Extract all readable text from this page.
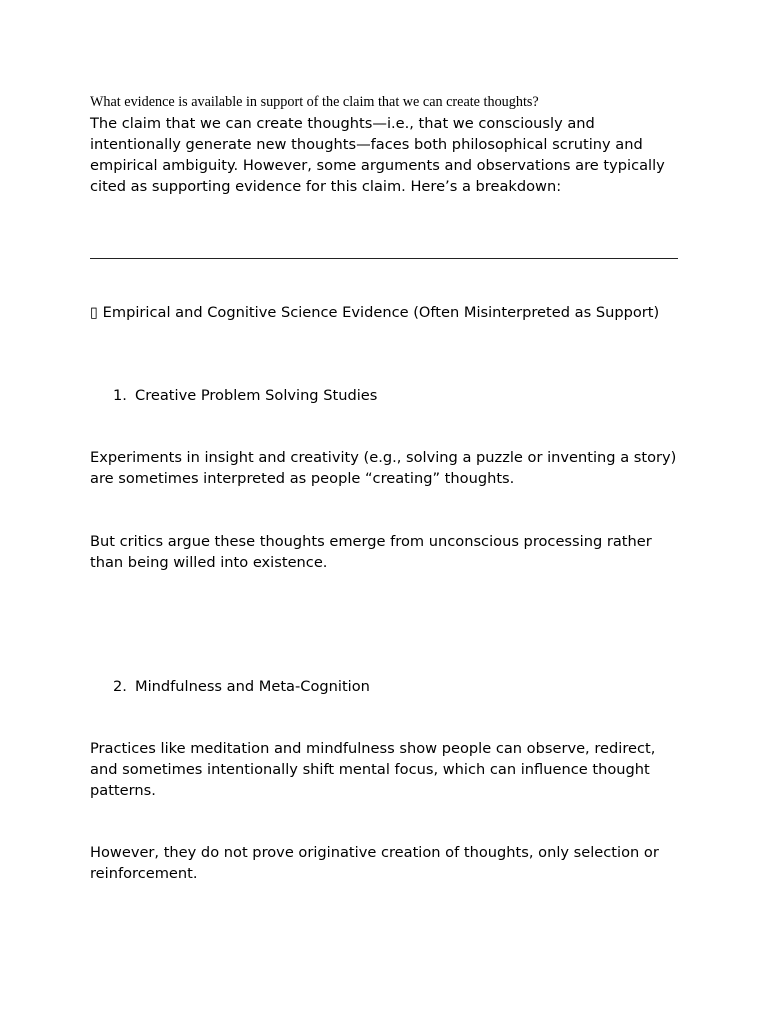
What evidence is available in support of the claim that we can create thoughts?

The claim that we can create thoughts—i.e., that we consciously and intentionally generate new thoughts—faces both philosophical scrutiny and empirical ambiguity. However, some arguments and observations are typically cited as supporting evidence for this claim. Here’s a breakdown:

▯ Empirical and Cognitive Science Evidence (Often Misinterpreted as Support)

1. Creative Problem Solving Studies

Experiments in insight and creativity (e.g., solving a puzzle or inventing a story) are sometimes interpreted as people “creating” thoughts.

But critics argue these thoughts emerge from unconscious processing rather than being willed into existence.

2. Mindfulness and Meta-Cognition

Practices like meditation and mindfulness show people can observe, redirect, and sometimes intentionally shift mental focus, which can influence thought patterns.

However, they do not prove originative creation of thoughts, only selection or reinforcement.
